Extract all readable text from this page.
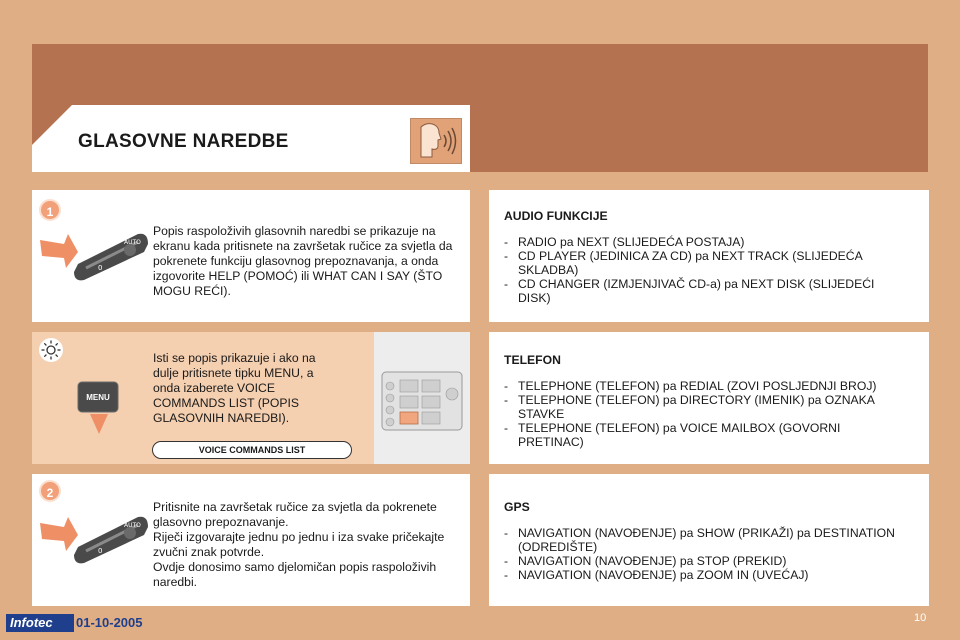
GLASOVNE NAREDBE
1
0
AUTO
Popis raspoloživih glasovnih naredbi se prikazuje na ekranu kada pritisnete na završetak ručice za svjetla da pokrenete funkciju glasovnog prepoznavanja, a onda izgovorite HELP (POMOĆ) ili WHAT CAN I SAY (ŠTO MOGU REĆI).
MENU
Isti se popis prikazuje i ako na dulje pritisnete tipku MENU, a onda izaberete VOICE COMMANDS LIST (POPIS GLASOVNIH NAREDBI).
VOICE COMMANDS LIST
2
0
AUTO
Pritisnite na završetak ručice za svjetla da pokrenete glasovno prepoznavanje.
Riječi izgovarajte jednu po jednu i iza svake pričekajte zvučni znak potvrde.
Ovdje donosimo samo djelomičan popis raspoloživih naredbi.
AUDIO FUNKCIJE
- RADIO pa NEXT (SLIJEDEĆA POSTAJA)
- CD PLAYER (JEDINICA ZA CD) pa NEXT TRACK (SLIJEDEĆA SKLADBA)
- CD CHANGER (IZMJENJIVAČ CD-a) pa NEXT DISK (SLIJEDEĆI DISK)
TELEFON
- TELEPHONE (TELEFON) pa REDIAL (ZOVI POSLJEDNJI BROJ)
- TELEPHONE (TELEFON) pa DIRECTORY (IMENIK) pa OZNAKA STAVKE
- TELEPHONE (TELEFON) pa VOICE MAILBOX (GOVORNI PRETINAC)
GPS
- NAVIGATION (NAVOĐENJE) pa SHOW (PRIKAŽI) pa DESTINATION (ODREDIŠTE)
- NAVIGATION (NAVOĐENJE) pa STOP (PREKID)
- NAVIGATION (NAVOĐENJE) pa ZOOM IN (UVEĆAJ)
Infotec	01-10-2005	10
